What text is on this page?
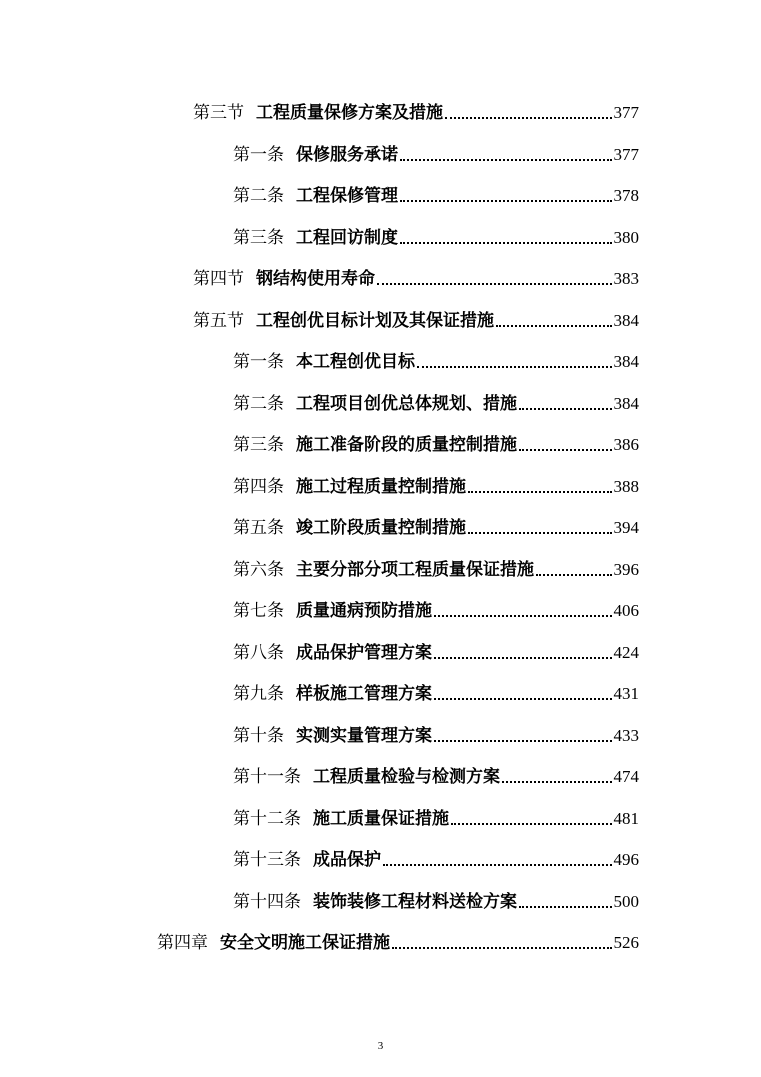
第三节 工程质量保修方案及措施	377
第一条 保修服务承诺	377
第二条 工程保修管理	378
第三条 工程回访制度	380
第四节 钢结构使用寿命	383
第五节 工程创优目标计划及其保证措施	384
第一条 本工程创优目标	384
第二条 工程项目创优总体规划、措施	384
第三条 施工准备阶段的质量控制措施	386
第四条 施工过程质量控制措施	388
第五条 竣工阶段质量控制措施	394
第六条 主要分部分项工程质量保证措施	396
第七条 质量通病预防措施	406
第八条 成品保护管理方案	424
第九条 样板施工管理方案	431
第十条 实测实量管理方案	433
第十一条 工程质量检验与检测方案	474
第十二条 施工质量保证措施	481
第十三条 成品保护	496
第十四条 装饰装修工程材料送检方案	500
第四章 安全文明施工保证措施	526
3
